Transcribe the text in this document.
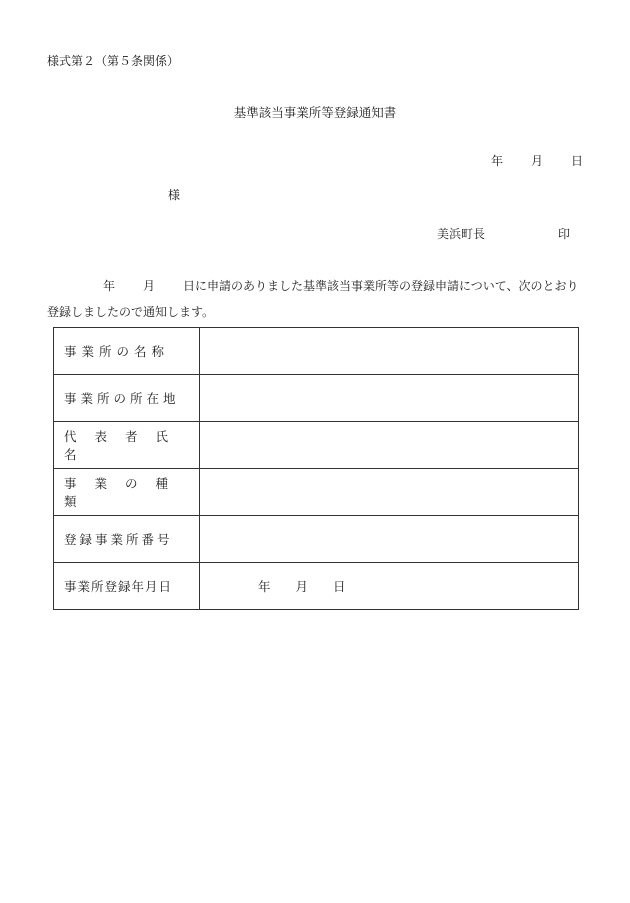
様式第２（第５条関係）
基準該当事業所等登録通知書
年 月 日
様
美浜町長	印
年 月 日に申請のありました基準該当事業所等の登録申請について、次のとおり登録しましたので通知します。
事業所の名称	

事業所の所在地	

代表者氏名	

事業の種類	

登録事業所番号	

事業所登録年月日	年　　月　　日
